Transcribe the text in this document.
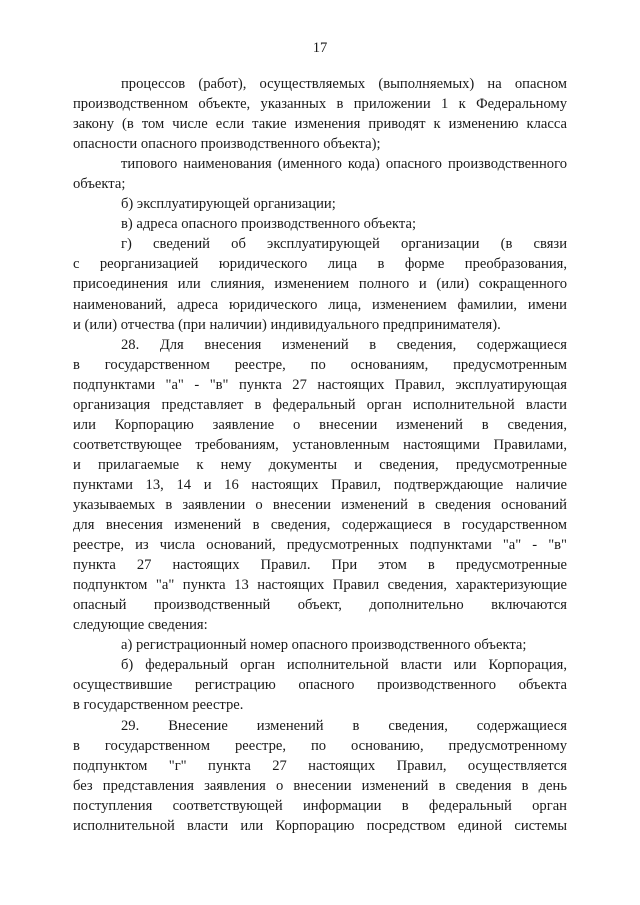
17
процессов (работ), осуществляемых (выполняемых) на опасном
производственном объекте, указанных в приложении 1 к Федеральному
закону (в том числе если такие изменения приводят к изменению класса
опасности опасного производственного объекта);
типового наименования (именного кода) опасного производственного
объекта;
б) эксплуатирующей организации;
в) адреса опасного производственного объекта;
г) сведений об эксплуатирующей организации (в связи
с реорганизацией юридического лица в форме преобразования,
присоединения или слияния, изменением полного и (или) сокращенного
наименований, адреса юридического лица, изменением фамилии, имени
и (или) отчества (при наличии) индивидуального предпринимателя).
28. Для внесения изменений в сведения, содержащиеся
в государственном реестре, по основаниям, предусмотренным
подпунктами "а" - "в" пункта 27 настоящих Правил, эксплуатирующая
организация представляет в федеральный орган исполнительной власти
или Корпорацию заявление о внесении изменений в сведения,
соответствующее требованиям, установленным настоящими Правилами,
и прилагаемые к нему документы и сведения, предусмотренные
пунктами 13, 14 и 16 настоящих Правил, подтверждающие наличие
указываемых в заявлении о внесении изменений в сведения оснований
для внесения изменений в сведения, содержащиеся в государственном
реестре, из числа оснований, предусмотренных подпунктами "а" - "в"
пункта 27 настоящих Правил. При этом в предусмотренные
подпунктом "а" пункта 13 настоящих Правил сведения, характеризующие
опасный производственный объект, дополнительно включаются
следующие сведения:
а) регистрационный номер опасного производственного объекта;
б) федеральный орган исполнительной власти или Корпорация,
осуществившие регистрацию опасного производственного объекта
в государственном реестре.
29. Внесение изменений в сведения, содержащиеся
в государственном реестре, по основанию, предусмотренному
подпунктом "г" пункта 27 настоящих Правил, осуществляется
без представления заявления о внесении изменений в сведения в день
поступления соответствующей информации в федеральный орган
исполнительной власти или Корпорацию посредством единой системы
